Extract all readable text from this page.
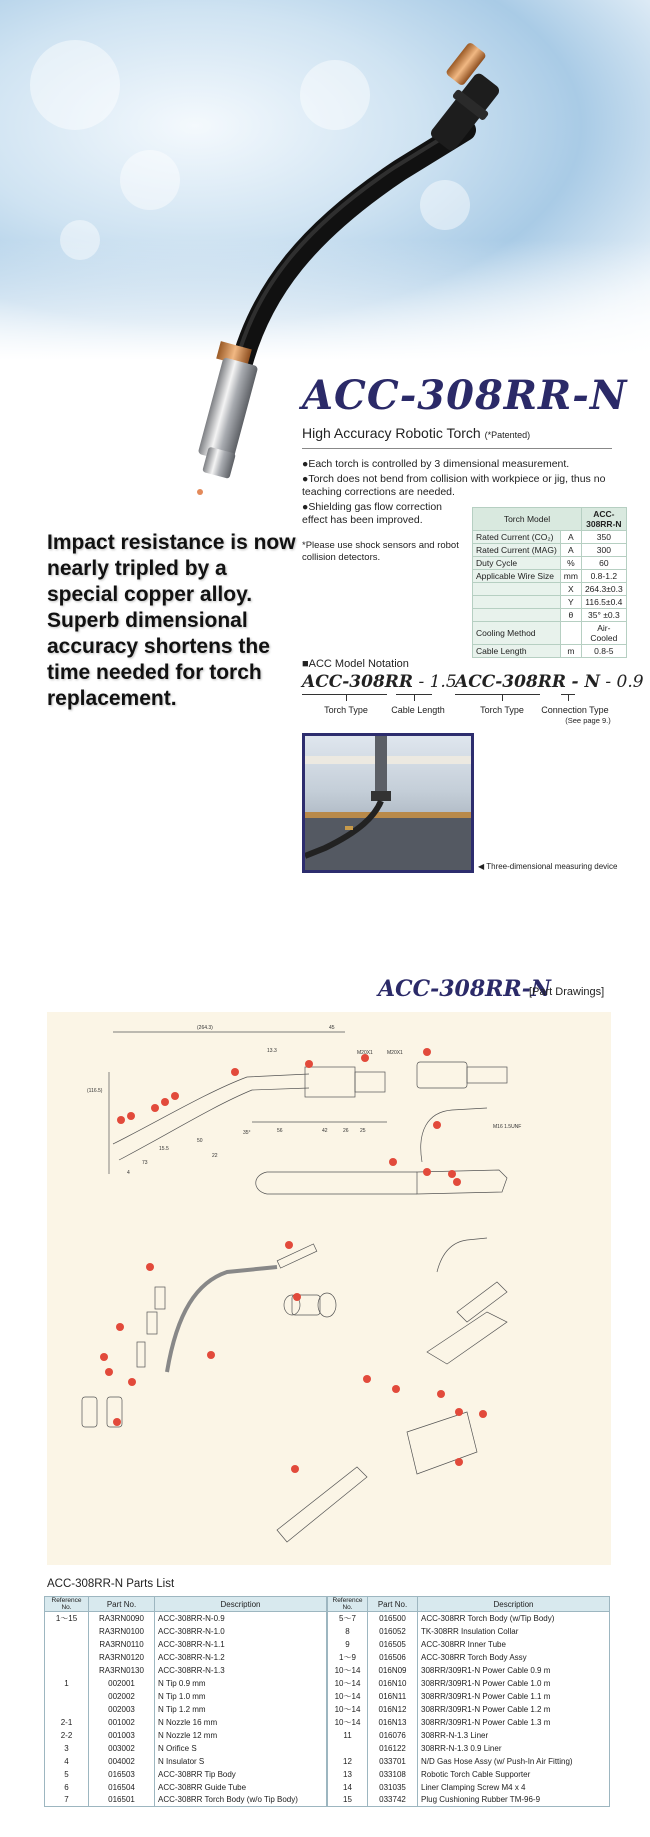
ACC-308RR-N
High Accuracy Robotic Torch (*Patented)
●Each torch is controlled by 3 dimensional measurement.
●Torch does not bend from collision with workpiece or jig, thus no teaching corrections are needed.
●Shielding gas flow correction effect has been improved.
*Please use shock sensors and robot collision detectors.
Torch Model		ACC-308RR-N
Rated Current (CO₂)	A	350
Rated Current (MAG)	A	300
Duty Cycle	%	60
Applicable Wire Size	mm	0.8-1.2
	X	264.3±0.3
	Y	116.5±0.4
	θ	35° ±0.3
Cooling Method		Air-Cooled
Cable Length	m	0.8-5
Impact resistance is now nearly tripled by a special copper alloy. Superb dimensional accuracy shortens the time needed for torch replacement.
■ACC Model Notation
ACC-308RR - 1.5
Torch Type	Cable Length
ACC-308RR - N - 0.9
Torch Type	Connection Type
(See page 9.)
◀ Three-dimensional measuring device
ACC-308RR-N
[Part Drawings]
(264.3)	45
13.3
(116.5)
M20X1	M20X1
M16 1.5UNF
56	42	26 25
35°
50
15.5
73
4
22
ACC-308RR-N Parts List
Reference No.	Part No.	Description
1〜15	RA3RN0090	ACC-308RR-N-0.9
	RA3RN0100	ACC-308RR-N-1.0
	RA3RN0110	ACC-308RR-N-1.1
	RA3RN0120	ACC-308RR-N-1.2
	RA3RN0130	ACC-308RR-N-1.3
1	002001	N Tip 0.9 mm
	002002	N Tip 1.0 mm
	002003	N Tip 1.2 mm
2-1	001002	N Nozzle 16 mm
2-2	001003	N Nozzle 12 mm
3	003002	N Orifice S
4	004002	N Insulator S
5	016503	ACC-308RR Tip Body
6	016504	ACC-308RR Guide Tube
7	016501	ACC-308RR Torch Body (w/o Tip Body)
Reference No.	Part No.	Description
5〜7	016500	ACC-308RR Torch Body (w/Tip Body)
8	016052	TK-308RR Insulation Collar
9	016505	ACC-308RR Inner Tube
1〜9	016506	ACC-308RR Torch Body Assy
10〜14	016N09	308RR/309R1-N Power Cable 0.9 m
10〜14	016N10	308RR/309R1-N Power Cable 1.0 m
10〜14	016N11	308RR/309R1-N Power Cable 1.1 m
10〜14	016N12	308RR/309R1-N Power Cable 1.2 m
10〜14	016N13	308RR/309R1-N Power Cable 1.3 m
11	016076	308RR-N-1.3 Liner
	016122	308RR-N-1.3 0.9 Liner
12	033701	N/D Gas Hose Assy (w/ Push-In Air Fitting)
13	033108	Robotic Torch Cable Supporter
14	031035	Liner Clamping Screw M4 x 4
15	033742	Plug Cushioning Rubber TM-96-9
